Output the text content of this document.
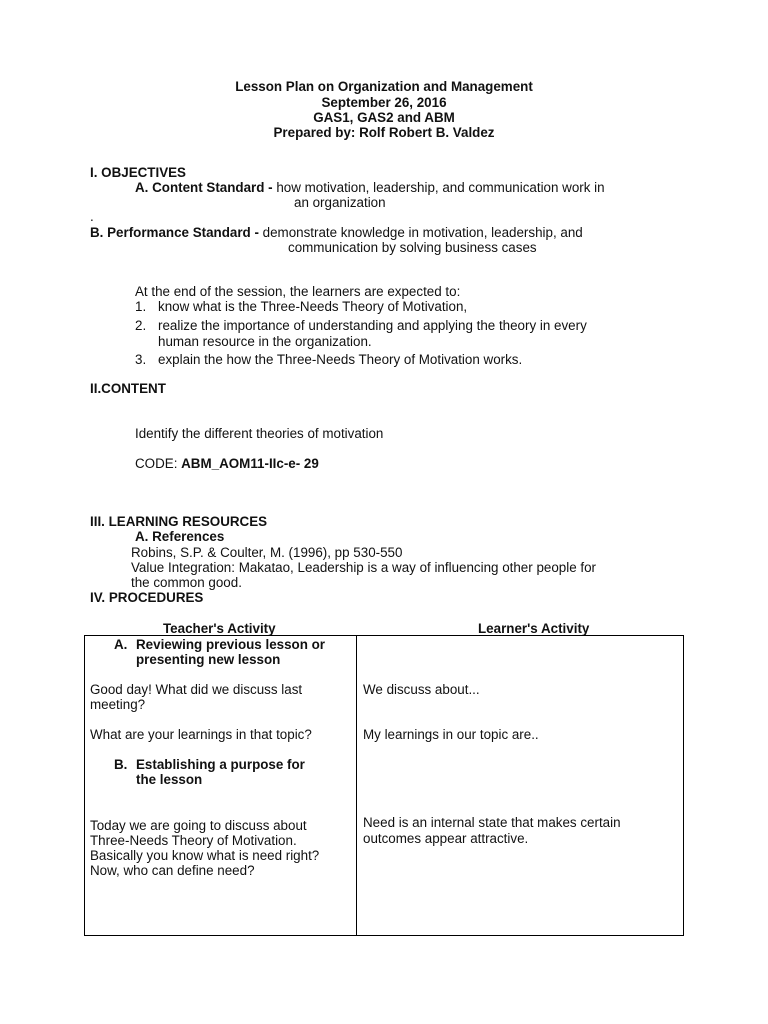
Lesson Plan on Organization and Management
September 26, 2016
GAS1, GAS2 and ABM
Prepared by: Rolf Robert B. Valdez
I. OBJECTIVES
A. Content Standard - how motivation, leadership, and communication work in
an organization
.
B. Performance Standard - demonstrate knowledge in motivation, leadership, and
communication by solving business cases
At the end of the session, the learners are expected to:
1. know what is the Three-Needs Theory of Motivation,
2. realize the importance of understanding and applying the theory in every
human resource in the organization.
3. explain the how the Three-Needs Theory of Motivation works.
II.CONTENT
Identify the different theories of motivation
CODE: ABM_AOM11-IIc-e- 29
III. LEARNING RESOURCES
A. References
Robins, S.P. & Coulter, M. (1996), pp 530-550
Value Integration: Makatao, Leadership is a way of influencing other people for
the common good.
IV. PROCEDURES
Teacher's Activity	Learner's Activity
A. Reviewing previous lesson or
presenting new lesson
Good day! What did we discuss last
meeting?
We discuss about...
What are your learnings in that topic?	My learnings in our topic are..
B. Establishing a purpose for
the lesson
Today we are going to discuss about
Three-Needs Theory of Motivation.
Basically you know what is need right?
Now, who can define need?
Need is an internal state that makes certain
outcomes appear attractive.
